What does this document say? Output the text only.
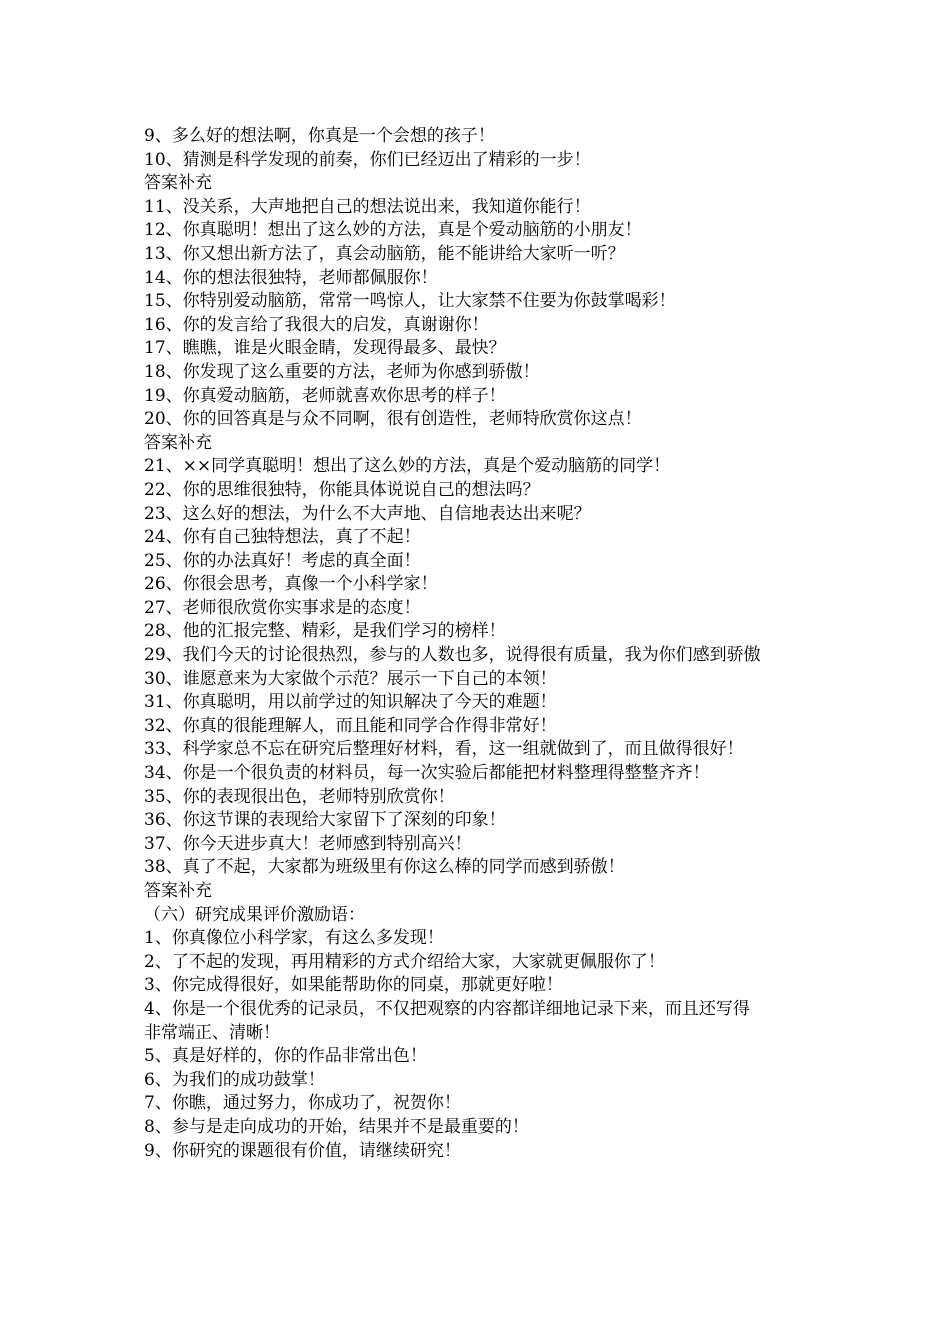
9、多么好的想法啊，你真是一个会想的孩子！
10、猜测是科学发现的前奏，你们已经迈出了精彩的一步！
答案补充
11、没关系，大声地把自己的想法说出来，我知道你能行！
12、你真聪明！想出了这么妙的方法，真是个爱动脑筋的小朋友！
13、你又想出新方法了，真会动脑筋，能不能讲给大家听一听？
14、你的想法很独特，老师都佩服你！
15、你特别爱动脑筋，常常一鸣惊人，让大家禁不住要为你鼓掌喝彩！
16、你的发言给了我很大的启发，真谢谢你！
17、瞧瞧，谁是火眼金睛，发现得最多、最快？
18、你发现了这么重要的方法，老师为你感到骄傲！
19、你真爱动脑筋，老师就喜欢你思考的样子！
20、你的回答真是与众不同啊，很有创造性，老师特欣赏你这点！
答案补充
21、××同学真聪明！想出了这么妙的方法，真是个爱动脑筋的同学！
22、你的思维很独特，你能具体说说自己的想法吗？
23、这么好的想法，为什么不大声地、自信地表达出来呢？
24、你有自己独特想法，真了不起！
25、你的办法真好！考虑的真全面！
26、你很会思考，真像一个小科学家！
27、老师很欣赏你实事求是的态度！
28、他的汇报完整、精彩，是我们学习的榜样！
29、我们今天的讨论很热烈，参与的人数也多，说得很有质量，我为你们感到骄傲
30、谁愿意来为大家做个示范？展示一下自己的本领！
31、你真聪明，用以前学过的知识解决了今天的难题！
32、你真的很能理解人，而且能和同学合作得非常好！
33、科学家总不忘在研究后整理好材料，看，这一组就做到了，而且做得很好！
34、你是一个很负责的材料员，每一次实验后都能把材料整理得整整齐齐！
35、你的表现很出色，老师特别欣赏你！
36、你这节课的表现给大家留下了深刻的印象！
37、你今天进步真大！老师感到特别高兴！
38、真了不起，大家都为班级里有你这么棒的同学而感到骄傲！
答案补充
（六）研究成果评价激励语：
1、你真像位小科学家，有这么多发现！
2、了不起的发现，再用精彩的方式介绍给大家，大家就更佩服你了！
3、你完成得很好，如果能帮助你的同桌，那就更好啦！
4、你是一个很优秀的记录员，不仅把观察的内容都详细地记录下来，而且还写得
非常端正、清晰！
5、真是好样的，你的作品非常出色！
6、为我们的成功鼓掌！
7、你瞧，通过努力，你成功了，祝贺你！
8、参与是走向成功的开始，结果并不是最重要的！
9、你研究的课题很有价值，请继续研究！
